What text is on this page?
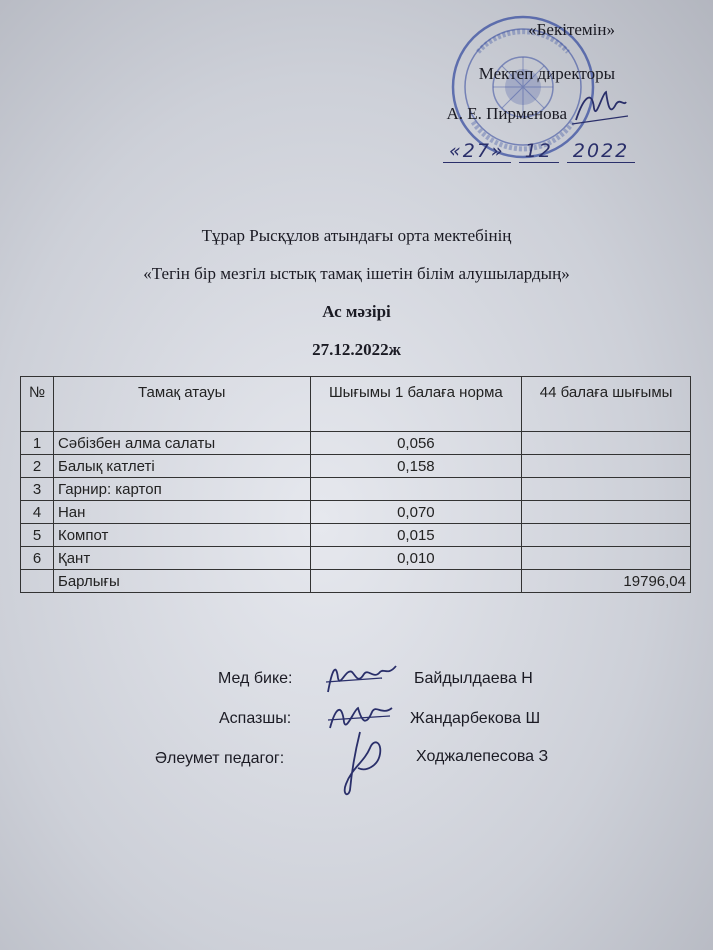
«Бекітемін»
Мектеп директоры
А. Е. Пирменова
«27» 12 2022
Тұрар Рысқұлов атындағы орта мектебінің
«Тегін бір мезгіл ыстық тамақ ішетін білім алушылардың»
Ас мәзірі
27.12.2022ж
№	Тамақ атауы	Шығымы 1 балаға норма	44 балаға шығымы
1	Сәбізбен алма салаты	0,056	
2	Балық катлеті	0,158	
3	Гарнир: картоп		
4	Нан	0,070	
5	Компот	0,015	
6	Қант	0,010	
	Барлығы		19796,04
Мед бике:	Байдылдаева Н
Аспазшы:	Жандарбекова Ш
Әлеумет педагог:	Ходжалепесова З
